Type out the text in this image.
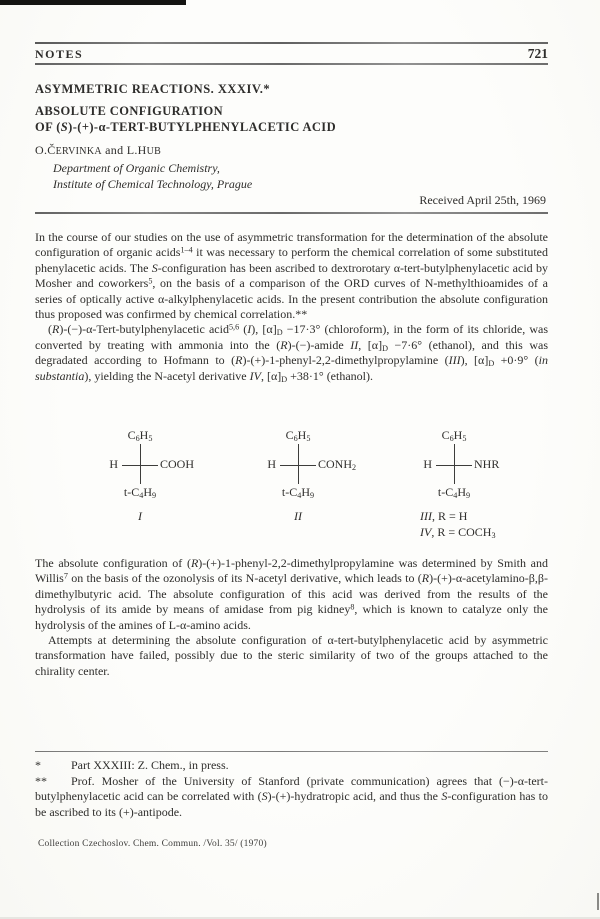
NOTES	721
ASYMMETRIC REACTIONS. XXXIV.*
ABSOLUTE CONFIGURATION
OF (S)-(+)-α-TERT-BUTYLPHENYLACETIC ACID
O.ČERVINKA and L.HUB
Department of Organic Chemistry,
Institute of Chemical Technology, Prague
Received April 25th, 1969

In the course of our studies on the use of asymmetric transformation for the determination of the absolute configuration of organic acids$^{1-4}$ it was necessary to perform the chemical correlation of some substituted phenylacetic acids. The S-configuration has been ascribed to dextrorotary α-tert-butylphenylacetic acid by Mosher and coworkers$^5$, on the basis of a comparison of the ORD curves of N-methylthioamides of a series of optically active α-alkylphenylacetic acids. In the present contribution the absolute configuration thus proposed was confirmed by chemical correlation.**

(R)-(−)-α-Tert-butylphenylacetic acid$^{5,6}$ (I), $[\alpha]_D -17\cdot 3^\circ$ (chloroform), in the form of its chloride, was converted by treating with ammonia into the (R)-(−)-amide II, $[\alpha]_D -7\cdot 6^\circ$ (ethanol), and this was degradated according to Hofmann to (R)-(+)-1-phenyl-2,2-dimethylpropylamine (III), $[\alpha]_D +0\cdot 9^\circ$ (in substantia), yielding the N-acetyl derivative IV, $[\alpha]_D +38\cdot 1^\circ$ (ethanol).

$C_6H_5$
H	COOH
$t-C_4H_9$
I
$C_6H_5$
H	$CONH_2$
$t-C_4H_9$
II
$C_6H_5$
H	NHR
$t-C_4H_9$
III, R = H
IV, $R = COCH_3$

The absolute configuration of (R)-(+)-1-phenyl-2,2-dimethylpropylamine was determined by Smith and Willis$^7$ on the basis of the ozonolysis of its N-acetyl derivative, which leads to (R)-(+)-α-acetylamino-β,β-dimethylbutyric acid. The absolute configuration of this acid was derived from the results of the hydrolysis of its amide by means of amidase from pig kidney$^8$, which is known to catalyze only the hydrolysis of the amines of L-α-amino acids.

Attempts at determining the absolute configuration of α-tert-butylphenylacetic acid by asymmetric transformation have failed, possibly due to the steric similarity of two of the groups attached to the chirality center.

*	Part XXXIII: Z. Chem., in press.

** Prof. Mosher of the University of Stanford (private communication) agrees that (−)-α-tert-butylphenylacetic acid can be correlated with (S)-(+)-hydratropic acid, and thus the S-configuration has to be ascribed to its (+)-antipode.

Collection Czechoslov. Chem. Commun. /Vol. 35/ (1970)
